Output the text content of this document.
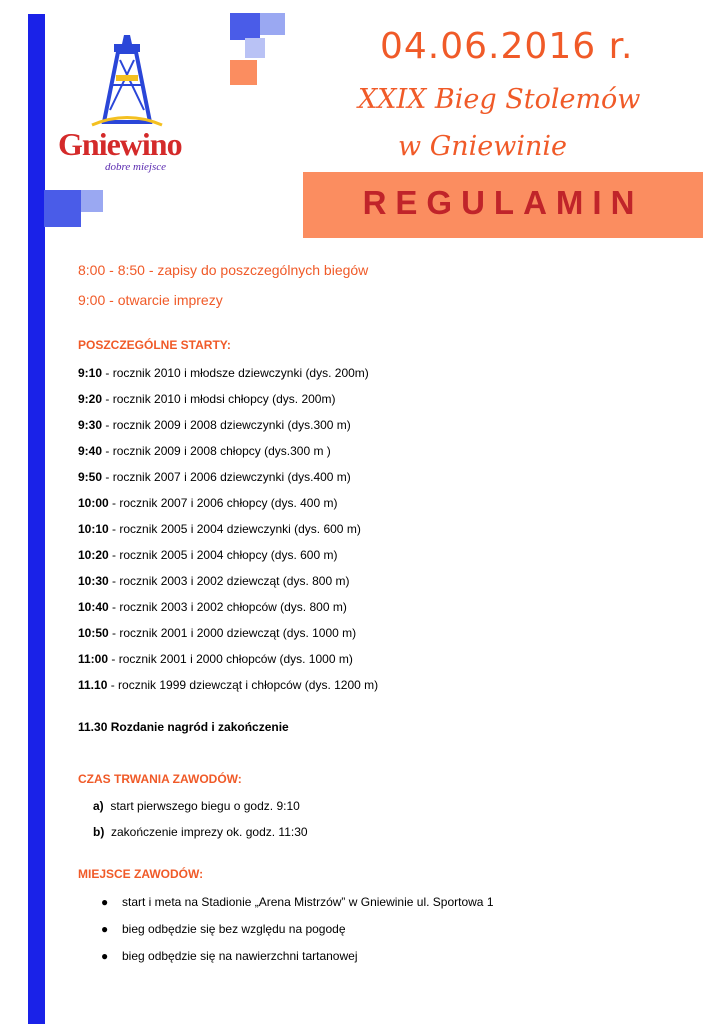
Gniewino
dobre miejsce
04.06.2016 r.
XXIX Bieg Stolemów
w Gniewinie
REGULAMIN
8:00 - 8:50 - zapisy do poszczególnych biegów
9:00 - otwarcie imprezy
POSZCZEGÓLNE STARTY:
9:10 - rocznik 2010 i młodsze dziewczynki (dys. 200m)
9:20 - rocznik 2010 i młodsi chłopcy (dys. 200m)
9:30 - rocznik 2009 i 2008 dziewczynki (dys.300 m)
9:40 - rocznik 2009 i 2008 chłopcy (dys.300 m )
9:50 - rocznik 2007 i 2006 dziewczynki (dys.400 m)
10:00 - rocznik 2007 i 2006 chłopcy (dys. 400 m)
10:10 - rocznik 2005 i 2004 dziewczynki (dys. 600 m)
10:20 - rocznik 2005 i 2004 chłopcy (dys. 600 m)
10:30 - rocznik 2003 i 2002 dziewcząt (dys. 800 m)
10:40 - rocznik 2003 i 2002 chłopców (dys. 800 m)
10:50 - rocznik 2001 i 2000 dziewcząt (dys. 1000 m)
11:00 - rocznik 2001 i 2000 chłopców (dys. 1000 m)
11.10 - rocznik 1999 dziewcząt i chłopców (dys. 1200 m)
11.30 Rozdanie nagród i zakończenie
CZAS TRWANIA ZAWODÓW:
a) start pierwszego biegu o godz. 9:10
b) zakończenie imprezy ok. godz. 11:30
MIEJSCE ZAWODÓW:
● start i meta na Stadionie „Arena Mistrzów” w Gniewinie ul. Sportowa 1
● bieg odbędzie się bez względu na pogodę
● bieg odbędzie się na nawierzchni tartanowej
